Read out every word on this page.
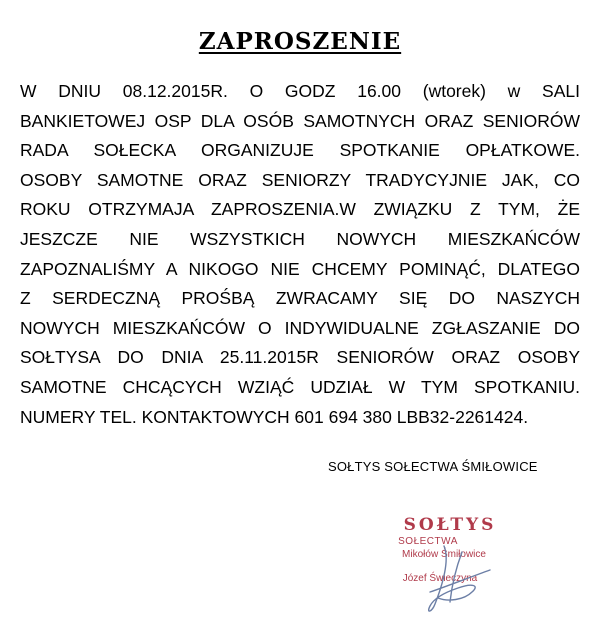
ZAPROSZENIE
W DNIU 08.12.2015R. O GODZ 16.00 (wtorek) w SALI
BANKIETOWEJ OSP DLA OSÓB SAMOTNYCH ORAZ SENIORÓW
RADA SOŁECKA ORGANIZUJE SPOTKANIE OPŁATKOWE.
OSOBY SAMOTNE ORAZ SENIORZY TRADYCYJNIE JAK, CO
ROKU OTRZYMAJA ZAPROSZENIA.W ZWIĄZKU Z TYM, ŻE
JESZCZE NIE WSZYSTKICH NOWYCH MIESZKAŃCÓW
ZAPOZNALIŚMY A NIKOGO NIE CHCEMY POMINĄĆ, DLATEGO
Z SERDECZNĄ PROŚBĄ ZWRACAMY SIĘ DO NASZYCH
NOWYCH MIESZKAŃCÓW O INDYWIDUALNE ZGŁASZANIE DO
SOŁTYSA DO DNIA 25.11.2015R SENIORÓW ORAZ OSOBY
SAMOTNE CHCĄCYCH WZIĄĆ UDZIAŁ W TYM SPOTKANIU.
NUMERY TEL. KONTAKTOWYCH 601 694 380 LBB32-2261424.
SOŁTYS SOŁECTWA ŚMIŁOWICE
SOŁTYS
SOŁECTWA
Mikołów Śmiłowice
Józef Świeczyna
